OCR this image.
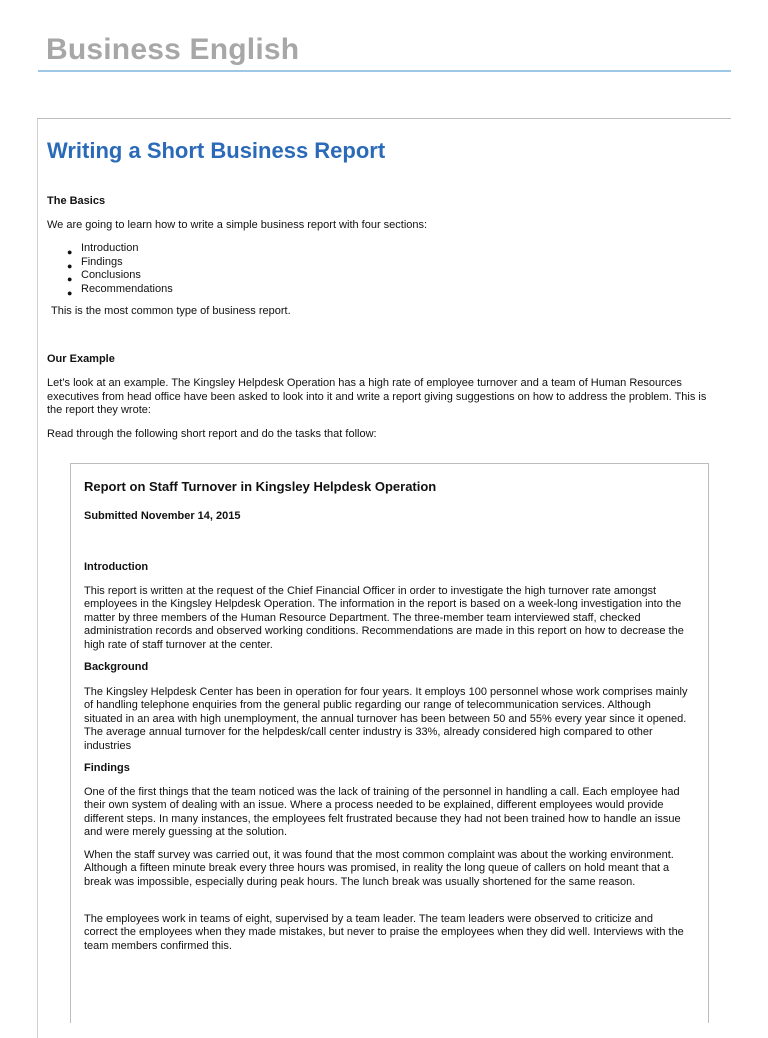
Business English
Writing a Short Business Report

The Basics

We are going to learn how to write a simple business report with four sections:

● Introduction
● Findings
● Conclusions
● Recommendations

This is the most common type of business report.

Our Example

Let’s look at an example. The Kingsley Helpdesk Operation has a high rate of employee turnover and a team of Human Resources executives from head office have been asked to look into it and write a report giving suggestions on how to address the problem. This is the report they wrote:

Read through the following short report and do the tasks that follow:

Report on Staff Turnover in Kingsley Helpdesk Operation

Submitted November 14, 2015

Introduction

This report is written at the request of the Chief Financial Officer in order to investigate the high turnover rate amongst employees in the Kingsley Helpdesk Operation. The information in the report is based on a week-long investigation into the matter by three members of the Human Resource Department. The three-member team interviewed staff, checked administration records and observed working conditions. Recommendations are made in this report on how to decrease the high rate of staff turnover at the center.

Background

The Kingsley Helpdesk Center has been in operation for four years. It employs 100 personnel whose work comprises mainly of handling telephone enquiries from the general public regarding our range of telecommunication services. Although situated in an area with high unemployment, the annual turnover has been between 50 and 55% every year since it opened. The average annual turnover for the helpdesk/call center industry is 33%, already considered high compared to other industries

Findings

One of the first things that the team noticed was the lack of training of the personnel in handling a call. Each employee had their own system of dealing with an issue. Where a process needed to be explained, different employees would provide different steps. In many instances, the employees felt frustrated because they had not been trained how to handle an issue and were merely guessing at the solution.

When the staff survey was carried out, it was found that the most common complaint was about the working environment. Although a fifteen minute break every three hours was promised, in reality the long queue of callers on hold meant that a break was impossible, especially during peak hours. The lunch break was usually shortened for the same reason.

The employees work in teams of eight, supervised by a team leader. The team leaders were observed to criticize and correct the employees when they made mistakes, but never to praise the employees when they did well. Interviews with the team members confirmed this.
